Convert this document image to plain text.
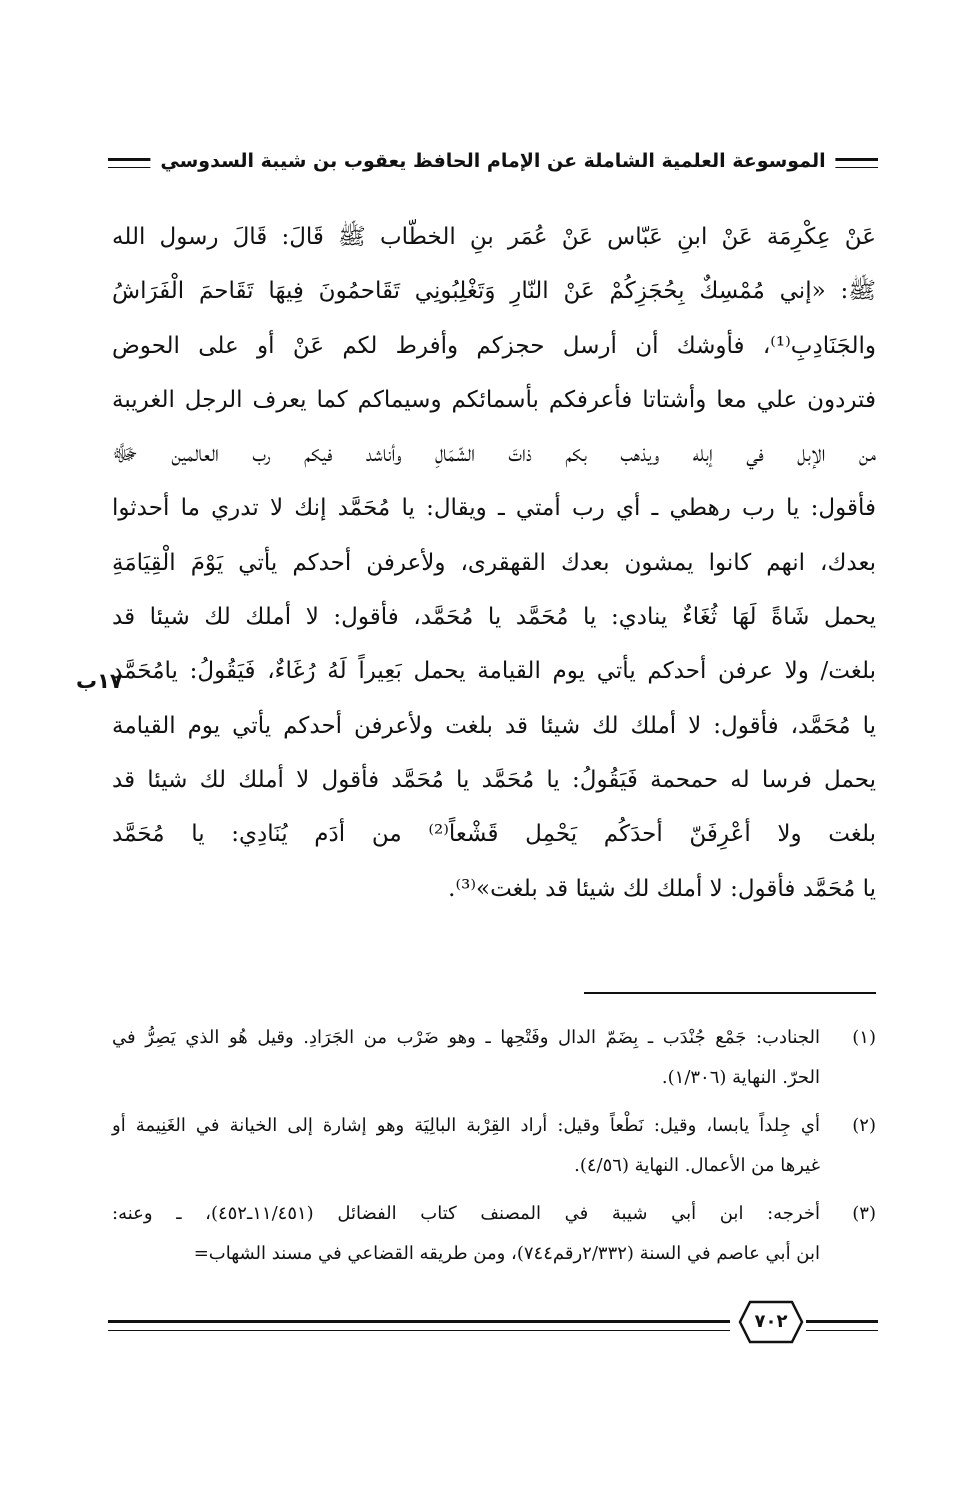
الموسوعة العلمية الشاملة عن الإمام الحافظ يعقوب بن شيبة السدوسي
١٧ب
عَنْ عِكْرِمَة عَنْ ابنِ عَبّاس عَنْ عُمَر بنِ الخطّاب ﷺ قَالَ: قَالَ رسول الله
ﷺ: «إني مُمْسِكٌ بِحُجَزِكُمْ عَنْ النّارِ وَتَغْلِبُونِي تَقَاحمُونَ فِيهَا تَقَاحمَ الْفَرَاشُ
والجَنَادِبِ⁽¹⁾، فأوشك أن أرسل حجزكم وأفرط لكم عَنْ أو على الحوض
فتردون علي معا وأشتاتا فأعرفكم بأسمائكم وسيماكم كما يعرف الرجل الغريبة
من الإبل في إبله ويذهب بكم ذاتَ الشّمَالِ وأناشد فيكم رب العالمين ﷻ
فأقول: يا رب رهطي ـ أي رب أمتي ـ ويقال: يا مُحَمَّد إنك لا تدري ما أحدثوا
بعدك، انهم كانوا يمشون بعدك القهقرى، ولأعرفن أحدكم يأتي يَوْمَ الْقِيَامَةِ
يحمل شَاةً لَهَا ثُغَاءٌ ينادي: يا مُحَمَّد يا مُحَمَّد، فأقول: لا أملك لك شيئا قد
بلغت/ ولا عرفن أحدكم يأتي يوم القيامة يحمل بَعِيراً لَهُ رُغَاءٌ، فَيَقُولُ: يامُحَمَّد
يا مُحَمَّد، فأقول: لا أملك لك شيئا قد بلغت ولأعرفن أحدكم يأتي يوم القيامة
يحمل فرسا له حمحمة فَيَقُولُ: يا مُحَمَّد يا مُحَمَّد فأقول لا أملك لك شيئا قد
بلغت ولا أعْرِفَنّ أحدَكُم يَحْمِل قَشْعاً⁽²⁾ من أدَم يُنَادِي: يا مُحَمَّد
يا مُحَمَّد فأقول: لا أملك لك شيئا قد بلغت»⁽³⁾.
(١)
الجنادب: جَمْع جُنْدَب ـ بِضَمّ الدال وفَتْحِها ـ وهو ضَرْب من الجَرَادِ. وقيل هُو الذي يَصِرُّ في
الحرّ. النهاية (١/٣٠٦).
(٢)
أي جِلداً يابسا، وقيل: نَطْعاً وقيل: أراد القِرْبة البالِيَة وهو إشارة إلى الخيانة في الغَنِيمة أو
غيرها من الأعمال. النهاية (٤/٥٦).
(٣)
أخرجه: ابن أبي شيبة في المصنف كتاب الفضائل (١١/٤٥١ـ٤٥٢)، ـ وعنه:
ابن أبي عاصم في السنة (٢/٣٣٢رقم٧٤٤)، ومن طريقه القضاعي في مسند الشهاب=
٧٠٢
